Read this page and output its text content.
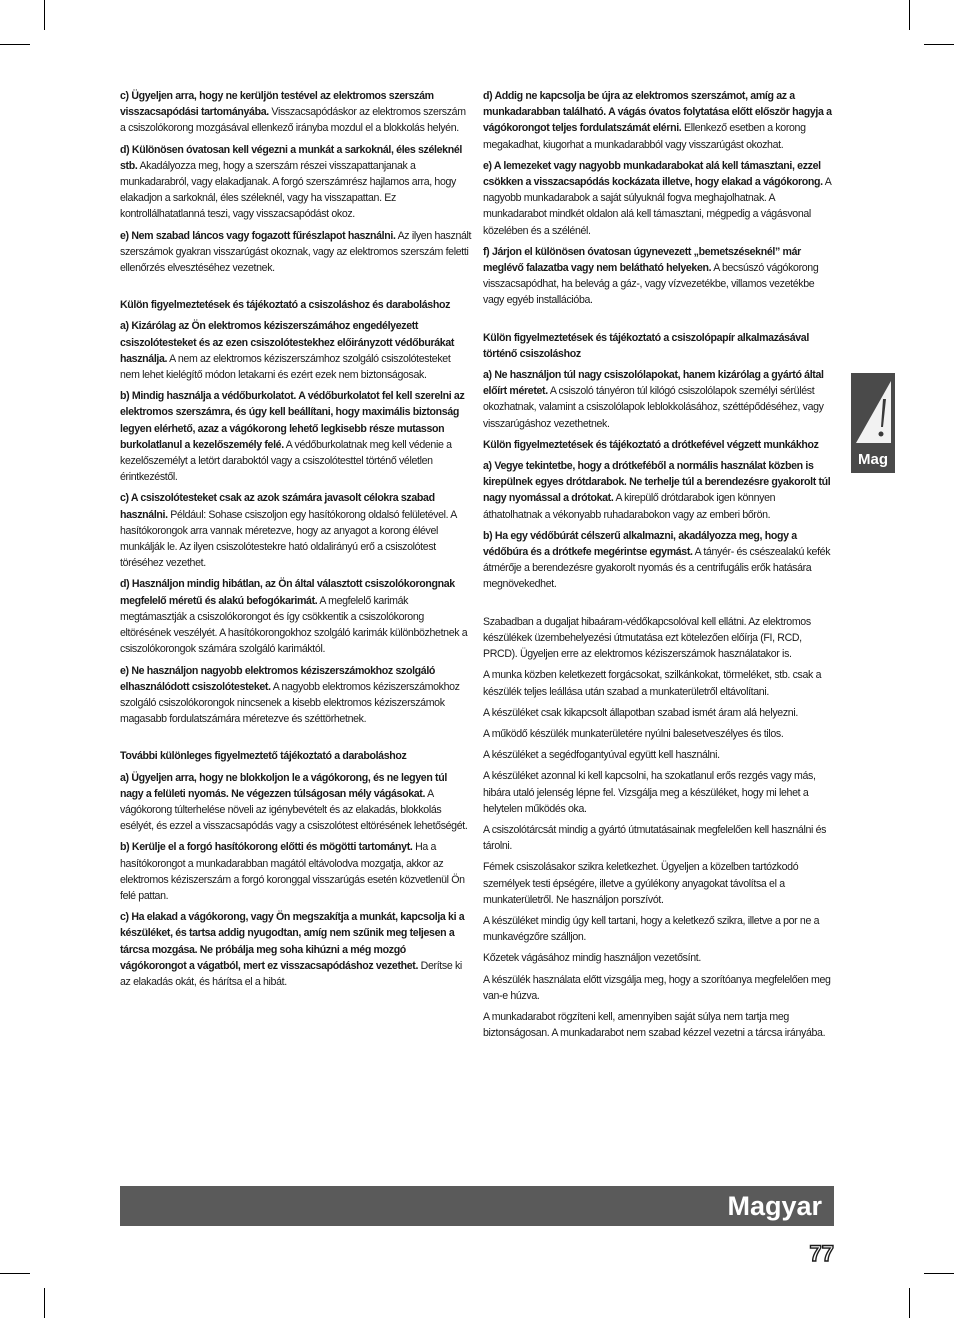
c) Ügyeljen arra, hogy ne kerüljön testével az elektromos szerszám visszacsapódási tartományába. Visszacsapódáskor az elektromos szerszám a csiszolókorong mozgásával ellenkező irányba mozdul el a blokkolás helyén.

d) Különösen óvatosan kell végezni a munkát a sarkoknál, éles széleknél stb. Akadályozza meg, hogy a szerszám részei visszapattanjanak a munkadarabról, vagy elakadjanak. A forgó szerszámrész hajlamos arra, hogy elakadjon a sarkoknál, éles széleknél, vagy ha visszapattan. Ez kontrollálhatatlanná teszi, vagy visszacsapódást okoz.

e) Nem szabad láncos vagy fogazott fűrészlapot használni. Az ilyen használt szerszámok gyakran visszarúgást okoznak, vagy az elektromos szerszám feletti ellenőrzés elvesztéséhez vezetnek.

Külön figyelmeztetések és tájékoztató a csiszoláshoz és daraboláshoz

a) Kizárólag az Ön elektromos kéziszerszámához engedélyezett csiszolótesteket és az ezen csiszolótestekhez előirányzott védőburákat használja. A nem az elektromos kéziszerszámhoz szolgáló csiszolótesteket nem lehet kielégítő módon letakarni és ezért ezek nem biztonságosak.

b) Mindig használja a védőburkolatot. A védőburkolatot fel kell szerelni az elektromos szerszámra, és úgy kell beállítani, hogy maximális biztonság legyen elérhető, azaz a vágókorong lehető legkisebb része mutasson burkolatlanul a kezelőszemély felé. A védőburkolatnak meg kell védenie a kezelőszemélyt a letört daraboktól vagy a csiszolótesttel történő véletlen érintkezéstől.

c) A csiszolótesteket csak az azok számára javasolt célokra szabad használni. Például: Sohase csiszoljon egy hasítókorong oldalsó felületével. A hasítókorongok arra vannak méretezve, hogy az anyagot a korong élével munkálják le. Az ilyen csiszolótestekre ható oldalirányú erő a csiszolótest töréséhez vezethet.

d) Használjon mindig hibátlan, az Ön által választott csiszolókorongnak megfelelő méretű és alakú befogókarimát. A megfelelő karimák megtámasztják a csiszolókorongot és így csökkentik a csiszolókorong eltörésének veszélyét. A hasítókorongokhoz szolgáló karimák különbözhetnek a csiszolókorongok számára szolgáló karimáktól.

e) Ne használjon nagyobb elektromos kéziszerszámokhoz szolgáló elhasználódott csiszolótesteket. A nagyobb elektromos kéziszerszámokhoz szolgáló csiszolókorongok nincsenek a kisebb elektromos kéziszerszámok magasabb fordulatszámára méretezve és széttörhetnek.

További különleges figyelmeztető tájékoztató a daraboláshoz

a) Ügyeljen arra, hogy ne blokkoljon le a vágókorong, és ne legyen túl nagy a felületi nyomás. Ne végezzen túlságosan mély vágásokat. A vágókorong túlterhelése növeli az igénybevételt és az elakadás, blokkolás esélyét, és ezzel a visszacsapódás vagy a csiszolótest eltörésének lehetőségét.

b) Kerülje el a forgó hasítókorong előtti és mögötti tartományt. Ha a hasítókorongot a munkadarabban magától eltávolodva mozgatja, akkor az elektromos kéziszerszám a forgó koronggal visszarúgás esetén közvetlenül Ön felé pattan.

c) Ha elakad a vágókorong, vagy Ön megszakítja a munkát, kapcsolja ki a készüléket, és tartsa addig nyugodtan, amíg nem szűnik meg teljesen a tárcsa mozgása. Ne próbálja meg soha kihúzni a még mozgó vágókorongot a vágatból, mert ez visszacsapódáshoz vezethet. Derítse ki az elakadás okát, és hárítsa el a hibát.

d) Addig ne kapcsolja be újra az elektromos szerszámot, amíg az a munkadarabban található. A vágás óvatos folytatása előtt először hagyja a vágókorongot teljes fordulatszámát elérni. Ellenkező esetben a korong megakadhat, kiugorhat a munkadarabból vagy visszarúgást okozhat.

e) A lemezeket vagy nagyobb munkadarabokat alá kell támasztani, ezzel csökken a visszacsapódás kockázata illetve, hogy elakad a vágókorong. A nagyobb munkadarabok a saját súlyuknál fogva meghajolhatnak. A munkadarabot mindkét oldalon alá kell támasztani, mégpedig a vágásvonal közelében és a szélénél.

f) Járjon el különösen óvatosan úgynevezett „bemetszéseknél” már meglévő falazatba vagy nem belátható helyeken. A becsúszó vágókorong visszacsapódhat, ha belevág a gáz-, vagy vízvezetékbe, villamos vezetékbe vagy egyéb installációba.

Külön figyelmeztetések és tájékoztató a csiszolópapír alkalmazásával történő csiszoláshoz

a) Ne használjon túl nagy csiszolólapokat, hanem kizárólag a gyártó által előírt méretet. A csiszoló tányéron túl kilógó csiszolólapok személyi sérülést okozhatnak, valamint a csiszolólapok leblokkolásához, széttépődéséhez, vagy visszarúgáshoz vezethetnek.

Külön figyelmeztetések és tájékoztató a drótkefével végzett munkákhoz

a) Vegye tekintetbe, hogy a drótkeféből a normális használat közben is kirepülnek egyes drótdarabok. Ne terhelje túl a berendezésre gyakorolt túl nagy nyomással a drótokat. A kirepülő drótdarabok igen könnyen áthatolhatnak a vékonyabb ruhadarabokon vagy az emberi bőrön.

b) Ha egy védőbúrát célszerű alkalmazni, akadályozza meg, hogy a védőbúra és a drótkefe megérintse egymást. A tányér- és csészealakú kefék átmérője a berendezésre gyakorolt nyomás és a centrifugális erők hatására megnövekedhet.

Szabadban a dugaljat hibaáram-védőkapcsolóval kell ellátni. Az elektromos készülékek üzembehelyezési útmutatása ezt kötelezően előírja (FI, RCD, PRCD). Ügyeljen erre az elektromos kéziszerszámok használatakor is.

A munka közben keletkezett forgácsokat, szilkánkokat, törmeléket, stb. csak a készülék teljes leállása után szabad a munkaterületről eltávolítani.

A készüléket csak kikapcsolt állapotban szabad ismét áram alá helyezni.

A működő készülék munkaterületére nyúlni balesetveszélyes és tilos.

A készüléket a segédfogantyúval együtt kell használni.

A készüléket azonnal ki kell kapcsolni, ha szokatlanul erős rezgés vagy más, hibára utaló jelenség lépne fel. Vizsgálja meg a készüléket, hogy mi lehet a helytelen működés oka.

A csiszolótárcsát mindig a gyártó útmutatásainak megfelelően kell használni és tárolni.

Fémek csiszolásakor szikra keletkezhet. Ügyeljen a közelben tartózkodó személyek testi épségére, illetve a gyúlékony anyagokat távolítsa el a munkaterületről. Ne használjon porszívót.

A készüléket mindig úgy kell tartani, hogy a keletkező szikra, illetve a por ne a munkavégzőre szálljon.

Kőzetek vágásához mindig használjon vezetősínt.

A készülék használata előtt vizsgálja meg, hogy a szorítóanya megfelelően meg van-e húzva.

A munkadarabot rögzíteni kell, amennyiben saját súlya nem tartja meg biztonságosan. A munkadarabot nem szabad kézzel vezetni a tárcsa irányába.

Mag
Magyar
77
